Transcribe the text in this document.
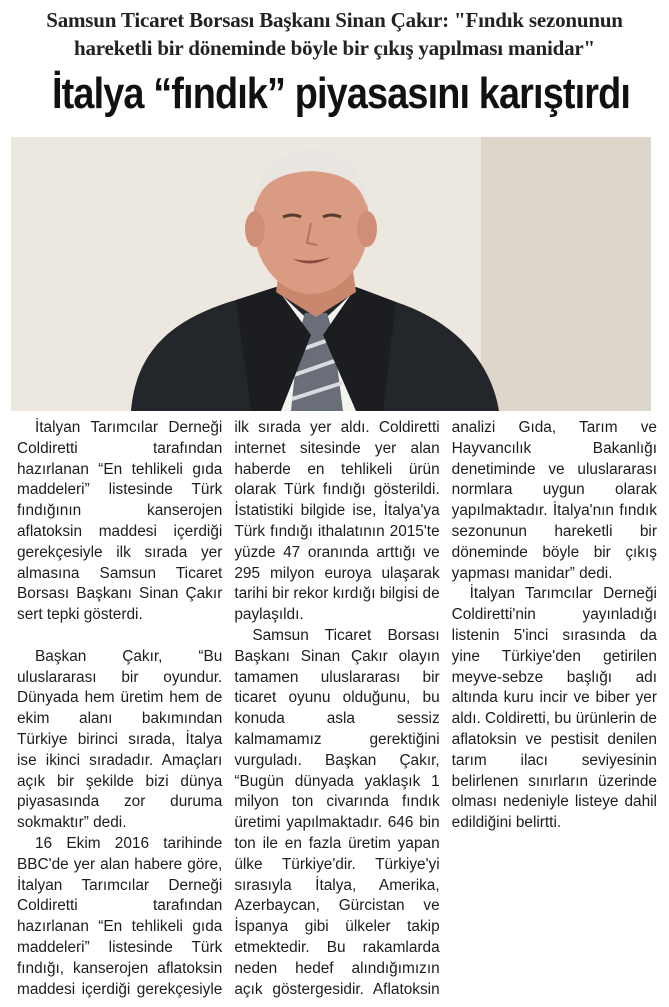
Samsun Ticaret Borsası Başkanı Sinan Çakır: "Fındık sezonunun
hareketli bir döneminde böyle bir çıkış yapılması manidar"
İtalya “fındık” piyasasını karıştırdı

İtalyan Tarımcılar Derneği Coldiretti tarafından hazırlanan “En tehlikeli gıda maddeleri” listesinde Türk fındığının kanserojen aflatoksin maddesi içerdiği gerekçesiyle ilk sırada yer almasına Samsun Ticaret Borsası Başkanı Sinan Çakır sert tepki gösterdi.

Başkan Çakır, “Bu uluslararası bir oyundur. Dünyada hem üretim hem de ekim alanı bakımından Türkiye birinci sırada, İtalya ise ikinci sıradadır. Amaçları açık bir şekilde bizi dünya piyasasında zor duruma sokmaktır” dedi.

16 Ekim 2016 tarihinde BBC'de yer alan habere göre, İtalyan Tarımcılar Derneği Coldiretti tarafından hazırlanan “En tehlikeli gıda maddeleri” listesinde Türk fındığı, kanserojen aflatoksin maddesi içerdiği gerekçesiyle ilk sırada yer aldı. Coldiretti internet sitesinde yer alan haberde en tehlikeli ürün olarak Türk fındığı gösterildi. İstatistiki bilgide ise, İtalya'ya Türk fındığı ithalatının 2015'te yüzde 47 oranında arttığı ve 295 milyon euroya ulaşarak tarihi bir rekor kırdığı bilgisi de paylaşıldı.

Samsun Ticaret Borsası Başkanı Sinan Çakır olayın tamamen uluslararası bir ticaret oyunu olduğunu, bu konuda asla sessiz kalmamamız gerektiğini vurguladı. Başkan Çakır, “Bugün dünyada yaklaşık 1 milyon ton civarında fındık üretimi yapılmaktadır. 646 bin ton ile en fazla üretim yapan ülke Türkiye'dir. Türkiye'yi sırasıyla İtalya, Amerika, Azerbaycan, Gürcistan ve İspanya gibi ülkeler takip etmektedir. Bu rakamlarda neden hedef alındığımızın açık göstergesidir. Aflatoksin analizi Gıda, Tarım ve Hayvancılık Bakanlığı denetiminde ve uluslararası normlara uygun olarak yapılmaktadır. İtalya'nın fındık sezonunun hareketli bir döneminde böyle bir çıkış yapması manidar” dedi.

İtalyan Tarımcılar Derneği Coldiretti'nin yayınladığı listenin 5'inci sırasında da yine Türkiye'den getirilen meyve-sebze başlığı adı altında kuru incir ve biber yer aldı. Coldiretti, bu ürünlerin de aflatoksin ve pestisit denilen tarım ilacı seviyesinin belirlenen sınırların üzerinde olması nedeniyle listeye dahil edildiğini belirtti.
